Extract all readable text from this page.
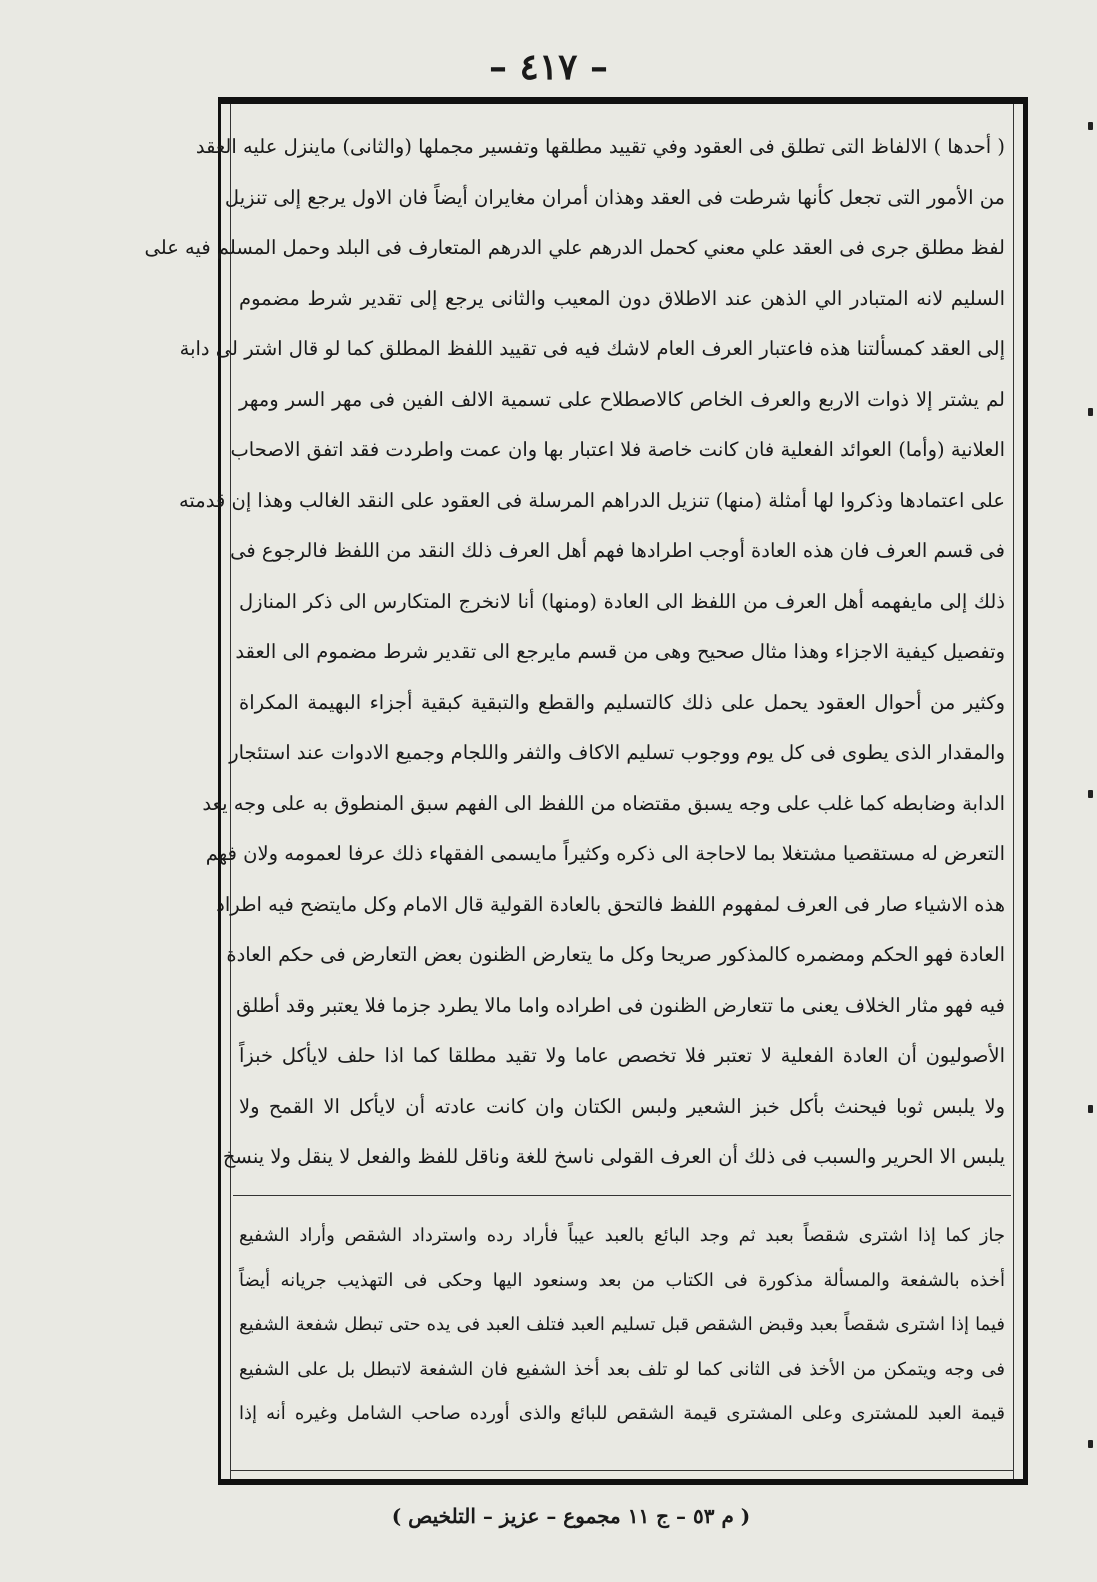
– ٤١٧ –

( أحدها ) الالفاظ التى تطلق فى العقود وفي تقييد مطلقها وتفسير مجملها (والثانى) ماينزل عليه العقد

من الأمور التى تجعل كأنها شرطت فى العقد وهذان أمران مغايران أيضاً فان الاول يرجع إلى تنزيل

لفظ مطلق جرى فى العقد علي معني كحمل الدرهم علي الدرهم المتعارف فى البلد وحمل المسلم فيه على

السليم لانه المتبادر الي الذهن عند الاطلاق دون المعيب والثانى يرجع إلى تقدير شرط مضموم

إلى العقد كمسألتنا هذه فاعتبار العرف العام لاشك فيه فى تقييد اللفظ المطلق كما لو قال اشتر لى دابة

لم يشتر إلا ذوات الاربع والعرف الخاص كالاصطلاح على تسمية الالف الفين فى مهر السر ومهر

العلانية (وأما) العوائد الفعلية فان كانت خاصة فلا اعتبار بها وان عمت واطردت فقد اتفق الاصحاب

على اعتمادها وذكروا لها أمثلة (منها) تنزيل الدراهم المرسلة فى العقود على النقد الغالب وهذا إن قدمته

فى قسم العرف فان هذه العادة أوجب اطرادها فهم أهل العرف ذلك النقد من اللفظ فالرجوع فى

ذلك إلى مايفهمه أهل العرف من اللفظ الى العادة (ومنها) أنا لانخرج المتكارس الى ذكر المنازل

وتفصيل كيفية الاجزاء وهذا مثال صحيح وهى من قسم مايرجع الى تقدير شرط مضموم الى العقد

وكثير من أحوال العقود يحمل على ذلك كالتسليم والقطع والتبقية كبقية أجزاء البهيمة المكراة

والمقدار الذى يطوى فى كل يوم ووجوب تسليم الاكاف والثفر واللجام وجميع الادوات عند استئجار

الدابة وضابطه كما غلب على وجه يسبق مقتضاه من اللفظ الى الفهم سبق المنطوق به على وجه يعد

التعرض له مستقصيا مشتغلا بما لاحاجة الى ذكره وكثيراً مايسمى الفقهاء ذلك عرفا لعمومه ولان فهم

هذه الاشياء صار فى العرف لمفهوم اللفظ فالتحق بالعادة القولية قال الامام وكل مايتضح فيه اطراد

العادة فهو الحكم ومضمره كالمذكور صريحا وكل ما يتعارض الظنون بعض التعارض فى حكم العادة

فيه فهو مثار الخلاف يعنى ما تتعارض الظنون فى اطراده واما مالا يطرد جزما فلا يعتبر وقد أطلق

الأصوليون أن العادة الفعلية لا تعتبر فلا تخصص عاما ولا تقيد مطلقا كما اذا حلف لايأكل خبزاً

ولا يلبس ثوبا فيحنث بأكل خبز الشعير ولبس الكتان وان كانت عادته أن لايأكل الا القمح ولا

يلبس الا الحرير والسبب فى ذلك أن العرف القولى ناسخ للغة وناقل للفظ والفعل لا ينقل ولا ينسخ

جاز كما إذا اشترى شقصاً بعبد ثم وجد البائع بالعبد عيباً فأراد رده واسترداد الشقص وأراد الشفيع

أخذه بالشفعة والمسألة مذكورة فى الكتاب من بعد وسنعود اليها وحكى فى التهذيب جريانه أيضاً

فيما إذا اشترى شقصاً بعبد وقبض الشقص قبل تسليم العبد فتلف العبد فى يده حتى تبطل شفعة الشفيع

فى وجه ويتمكن من الأخذ فى الثانى كما لو تلف بعد أخذ الشفيع فان الشفعة لاتبطل بل على الشفيع

قيمة العبد للمشترى وعلى المشترى قيمة الشقص للبائع والذى أورده صاحب الشامل وغيره أنه إذا

( م ٥٣ – ج ١١ مجموع – عزيز – التلخيص )
